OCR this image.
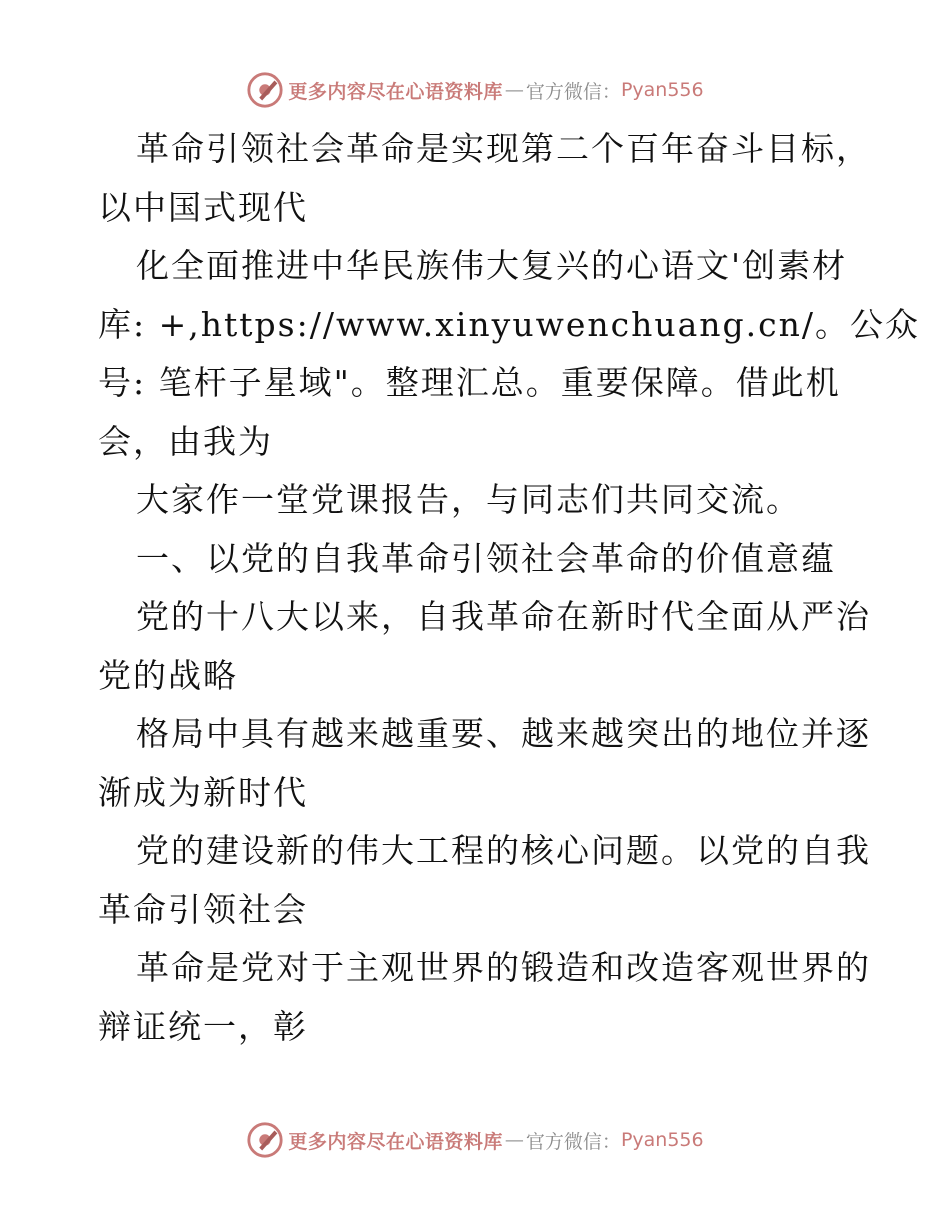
更多内容尽在心语资料库 — 官方微信： Pyan556
革命引领社会革命是实现第二个百年奋斗目标，
以中国式现代
化全面推进中华民族伟大复兴的心语文'创素材
库: +,https://www.xinyuwenchuang.cn/。公众
号: 笔杆子星域"。整理汇总。重要保障。借此机
会，由我为
大家作一堂党课报告，与同志们共同交流。
一、以党的自我革命引领社会革命的价值意蕴
党的十八大以来，自我革命在新时代全面从严治
党的战略
格局中具有越来越重要、越来越突出的地位并逐
渐成为新时代
党的建设新的伟大工程的核心问题。以党的自我
革命引领社会
革命是党对于主观世界的锻造和改造客观世界的
辩证统一，彰
更多内容尽在心语资料库 — 官方微信： Pyan556
